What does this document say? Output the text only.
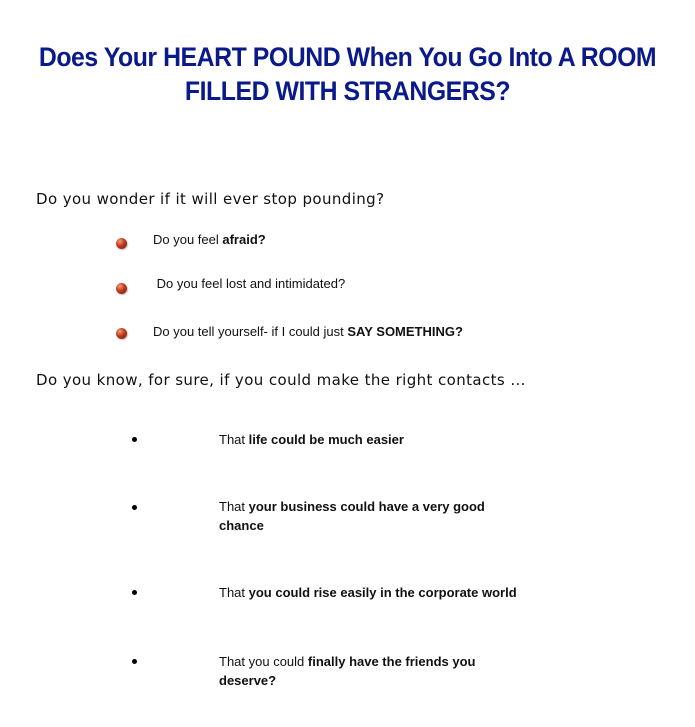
Does Your HEART POUND When You Go Into A ROOM
FILLED WITH STRANGERS?
Do you wonder if it will ever stop pounding?
Do you feel afraid?
Do you feel lost and intimidated?
Do you tell yourself- if I could just SAY SOMETHING?
Do you know, for sure, if you could make the right contacts ...
That life could be much easier
That your business could have a very good chance
That you could rise easily in the corporate world
That you could finally have the friends you deserve?
